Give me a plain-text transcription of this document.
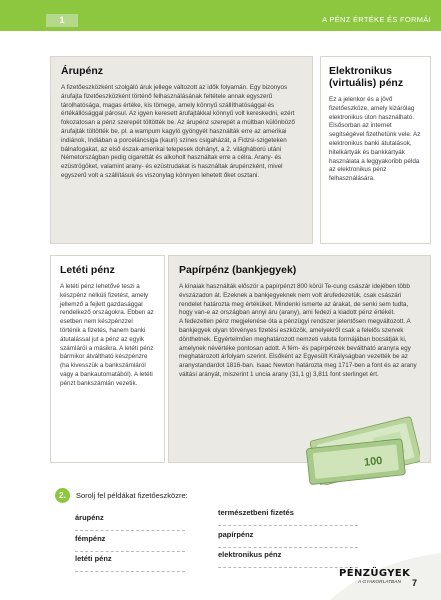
1	A PÉNZ ÉRTÉKE ÉS FORMÁI
Árupénz

A fizetőeszközként szolgáló áruk jellege változott az idők folyamán. Egy bizonyos árufajta fizetőeszközként történő felhasználásának feltétele annak egyszerű tárolhatósága, magas értéke, kis tömege, amely könnyű szállíthatósággal és értékállósággal párosul. Az igyen keresett árufajtákkal könnyű volt kereskedni, ezért fokozatosan a pénz szerepét töltötték be. Az árupénz szerepét a múltban különböző árufajták töltötték be, pl. a wampum kagyló gyöngyét használták erre az amerikai indiánok, Indiában a porceláncsiga (kauri) színes csigaházát, a Fidzsi-szigeteken bálnafogakat, az első észak-amerikai telepesek dohányt, a 2. világháború utáni Németországban pedig cigarettát és alkoholt használtak erre a célra. Arany- és ezüströgöket, valamint arany- és ezüstrudakat is használtak árupénzként, mivel egyszerű volt a szállításuk és viszonylag könnyen lehetett őket osztani.

Elektronikus (virtuális) pénz

Ez a jelenkor és a jövő fizetőeszköze, amely kizárólag elektronikus úton használható. Elsősorban az internet segítségével fizethetünk vele. Az elektronikus banki átutalások, hitelkártyák és bankkártyák használata a leggyakoribb példa az elektronikus pénz felhasználására.

Letéti pénz

A letéti pénz lehetővé teszi a készpénz nélküli fizetést, amely jellemző a fejlett gazdasággal rendelkező országokra. Ebben az esetben nem készpénzzel történik a fizetés, hanem banki átutalással jut a pénz az egyik számláról a másikra. A letéti pénz bármikor átváltható készpénzre (ha kivesszük a bankszámláról vagy a bankautomatából). A letéti pénzt bankszámlán vezetik.

Papírpénz (bankjegyek)

A kínaiak használták először a papírpénzt 800 körül Te-cung császár idejében több évszázadon át. Ezeknek a bankjegyeknek nem volt árufedezetük, csak császári rendelet határozta meg értéküket. Mindenki ismerte az árakat, de senki sem tudta, hogy van-e az országban annyi áru (arany), ami fedezi a kiadott pénz értékét.

A fedezetlen pénz megjelenése óta a pénzügyi rendszer jelentősen megváltozott. A bankjegyek olyan törvényes fizetési eszközök, amelyekről csak a felelős szervek dönthetnek. Egyértelműen meghatározott nemzeti valuta formájában bocsátják ki, amelynek névértéke pontosan adott. A fém- és papírpénzek beváltható aranyra egy meghatározott árfolyam szerint. Elsőként az Egyesült Királyságban vezették be az aranystandardot 1816-ban. Isaac Newton határozta meg 1717-ben a font és az arany váltási arányát, miszerint 1 uncia arany (31,1 g) 3,811 font sterlinget ért.

100
2.	Sorolj fel példákat fizetőeszközre:
árupénz
fémpénz
letéti pénz
természetbeni fizetés
papírpénz
elektronikus pénz
PÉNZÜGYEK
A GYAKORLATBAN 7
